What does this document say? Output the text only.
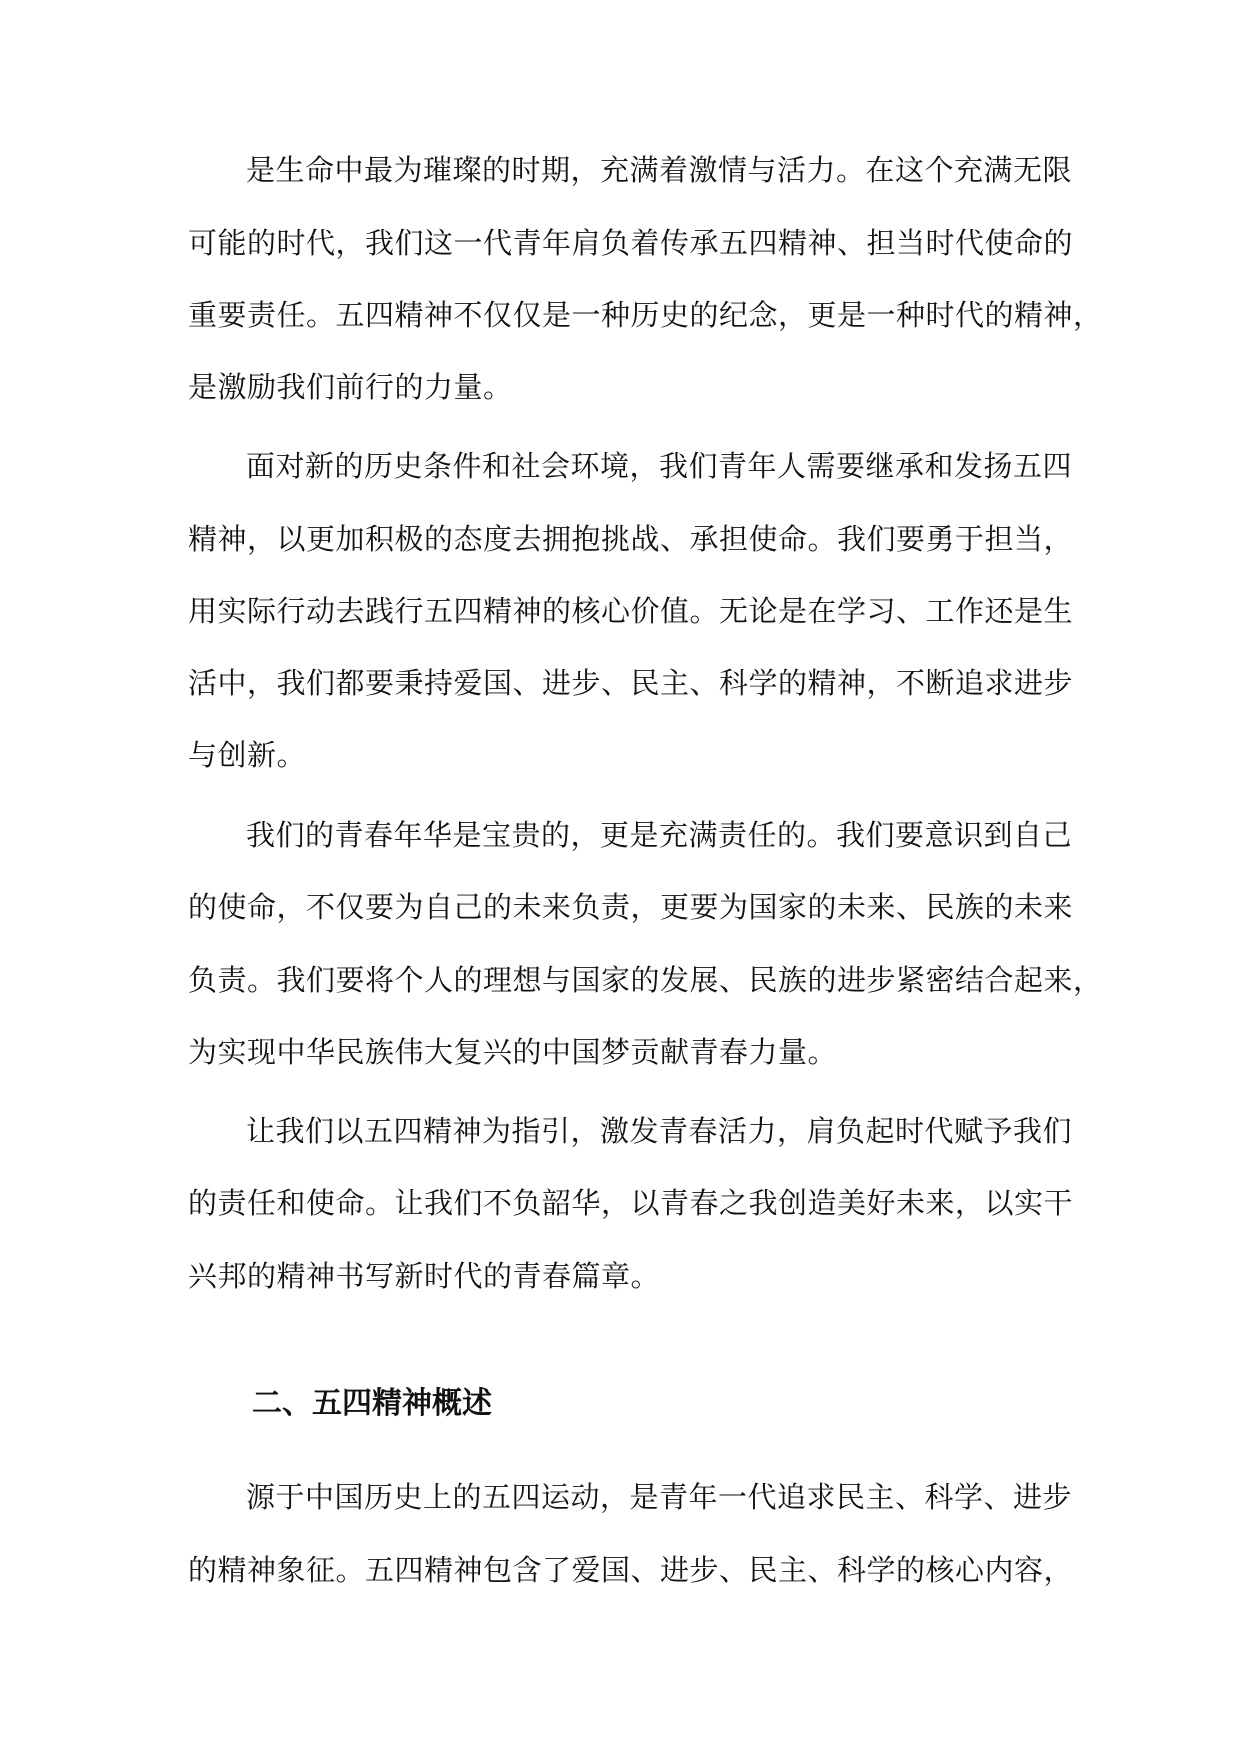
是生命中最为璀璨的时期，充满着激情与活力。在这个充满无限
可能的时代，我们这一代青年肩负着传承五四精神、担当时代使命的
重要责任。五四精神不仅仅是一种历史的纪念，更是一种时代的精神，
是激励我们前行的力量。
面对新的历史条件和社会环境，我们青年人需要继承和发扬五四
精神，以更加积极的态度去拥抱挑战、承担使命。我们要勇于担当，
用实际行动去践行五四精神的核心价值。无论是在学习、工作还是生
活中，我们都要秉持爱国、进步、民主、科学的精神，不断追求进步
与创新。
我们的青春年华是宝贵的，更是充满责任的。我们要意识到自己
的使命，不仅要为自己的未来负责，更要为国家的未来、民族的未来
负责。我们要将个人的理想与国家的发展、民族的进步紧密结合起来，
为实现中华民族伟大复兴的中国梦贡献青春力量。
让我们以五四精神为指引，激发青春活力，肩负起时代赋予我们
的责任和使命。让我们不负韶华，以青春之我创造美好未来，以实干
兴邦的精神书写新时代的青春篇章。
二、五四精神概述
源于中国历史上的五四运动，是青年一代追求民主、科学、进步
的精神象征。五四精神包含了爱国、进步、民主、科学的核心内容，
